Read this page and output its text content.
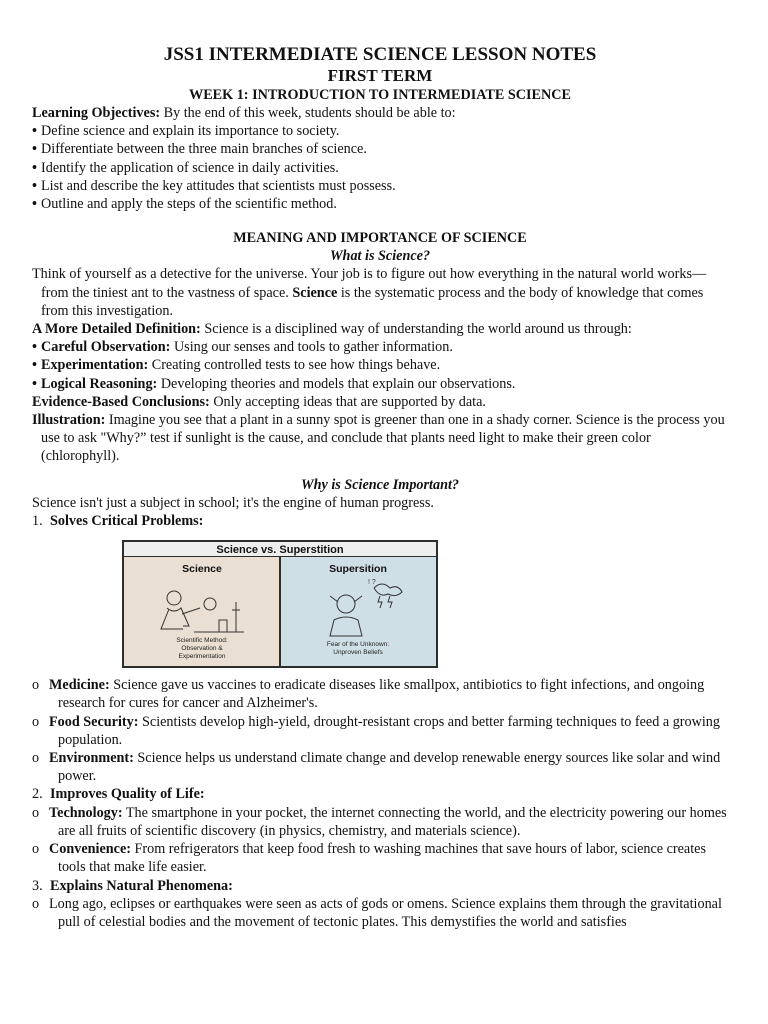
JSS1 INTERMEDIATE SCIENCE LESSON NOTES
FIRST TERM
WEEK 1: INTRODUCTION TO INTERMEDIATE SCIENCE

Learning Objectives: By the end of this week, students should be able to:

• Define science and explain its importance to society.
• Differentiate between the three main branches of science.
• Identify the application of science in daily activities.
• List and describe the key attitudes that scientists must possess.
• Outline and apply the steps of the scientific method.
MEANING AND IMPORTANCE OF SCIENCE

What is Science?

Think of yourself as a detective for the universe. Your job is to figure out how everything in the natural world works—from the tiniest ant to the vastness of space. Science is the systematic process and the body of knowledge that comes from this investigation.

A More Detailed Definition: Science is a disciplined way of understanding the world around us through:

• Careful Observation: Using our senses and tools to gather information.
• Experimentation: Creating controlled tests to see how things behave.
• Logical Reasoning: Developing theories and models that explain our observations.

Evidence-Based Conclusions: Only accepting ideas that are supported by data.

Illustration: Imagine you see that a plant in a sunny spot is greener than one in a shady corner. Science is the process you use to ask "Why?” test if sunlight is the cause, and conclude that plants need light to make their green color (chlorophyll).

Why is Science Important?

Science isn't just a subject in school; it's the engine of human progress.

1. Solves Critical Problems:
Science vs. Superstition
Science	Supersition
! ?
Scientific Method:
Observation &
Experimentation
Fear of the Unknown:
Unproven Beliefs
o Medicine: Science gave us vaccines to eradicate diseases like smallpox, antibiotics to fight infections, and ongoing research for cures for cancer and Alzheimer's.
o Food Security: Scientists develop high-yield, drought-resistant crops and better farming techniques to feed a growing population.
o Environment: Science helps us understand climate change and develop renewable energy sources like solar and wind power.
2. Improves Quality of Life:
o Technology: The smartphone in your pocket, the internet connecting the world, and the electricity powering our homes are all fruits of scientific discovery (in physics, chemistry, and materials science).
o Convenience: From refrigerators that keep food fresh to washing machines that save hours of labor, science creates tools that make life easier.
3. Explains Natural Phenomena:
o Long ago, eclipses or earthquakes were seen as acts of gods or omens. Science explains them through the gravitational pull of celestial bodies and the movement of tectonic plates. This demystifies the world and satisfies
